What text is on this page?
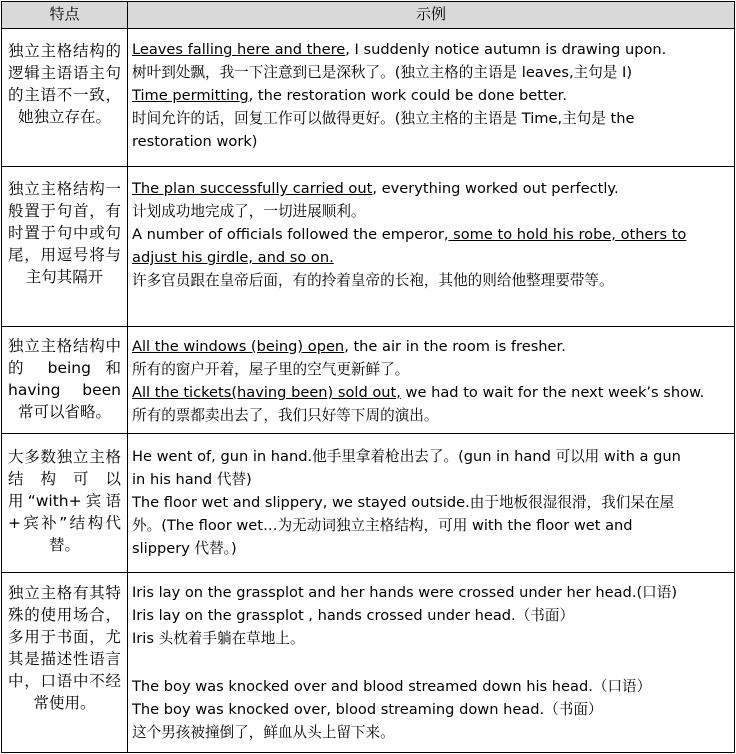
特点	示例
独立主格结构的逻辑主语语主句的主语不一致，她独立存在。
Leaves falling here and there, I suddenly notice autumn is drawing upon.
树叶到处飘，我一下注意到已是深秋了。(独立主格的主语是 leaves,主句是 I)
Time permitting, the restoration work could be done better.
时间允许的话，回复工作可以做得更好。(独立主格的主语是 Time,主句是 the
restoration work)
独立主格结构一般置于句首，有时置于句中或句尾，用逗号将与主句其隔开
The plan successfully carried out, everything worked out perfectly.
计划成功地完成了，一切进展顺利。
A number of officials followed the emperor, some to hold his robe, others to
adjust his girdle, and so on.
许多官员跟在皇帝后面，有的拎着皇帝的长袍，其他的则给他整理要带等。
独立主格结构中的 being 和 having been 常可以省略。
All the windows (being) open, the air in the room is fresher.
所有的窗户开着，屋子里的空气更新鲜了。
All the tickets(having been) sold out, we had to wait for the next week’s show.
所有的票都卖出去了，我们只好等下周的演出。
大多数独立主格结构可以用“with+宾语+宾补”结构代替。
He went of, gun in hand.他手里拿着枪出去了。(gun in hand 可以用 with a gun
in his hand 代替)
The floor wet and slippery, we stayed outside.由于地板很湿很滑，我们呆在屋
外。(The floor wet…为无动词独立主格结构，可用 with the floor wet and
slippery 代替。)
独立主格有其特殊的使用场合，多用于书面，尤其是描述性语言中，口语中不经常使用。
Iris lay on the grassplot and her hands were crossed under her head.(口语)
Iris lay on the grassplot , hands crossed under head.（书面）
Iris 头枕着手躺在草地上。
The boy was knocked over and blood streamed down his head.（口语）
The boy was knocked over, blood streaming down head.（书面）
这个男孩被撞倒了，鲜血从头上留下来。
